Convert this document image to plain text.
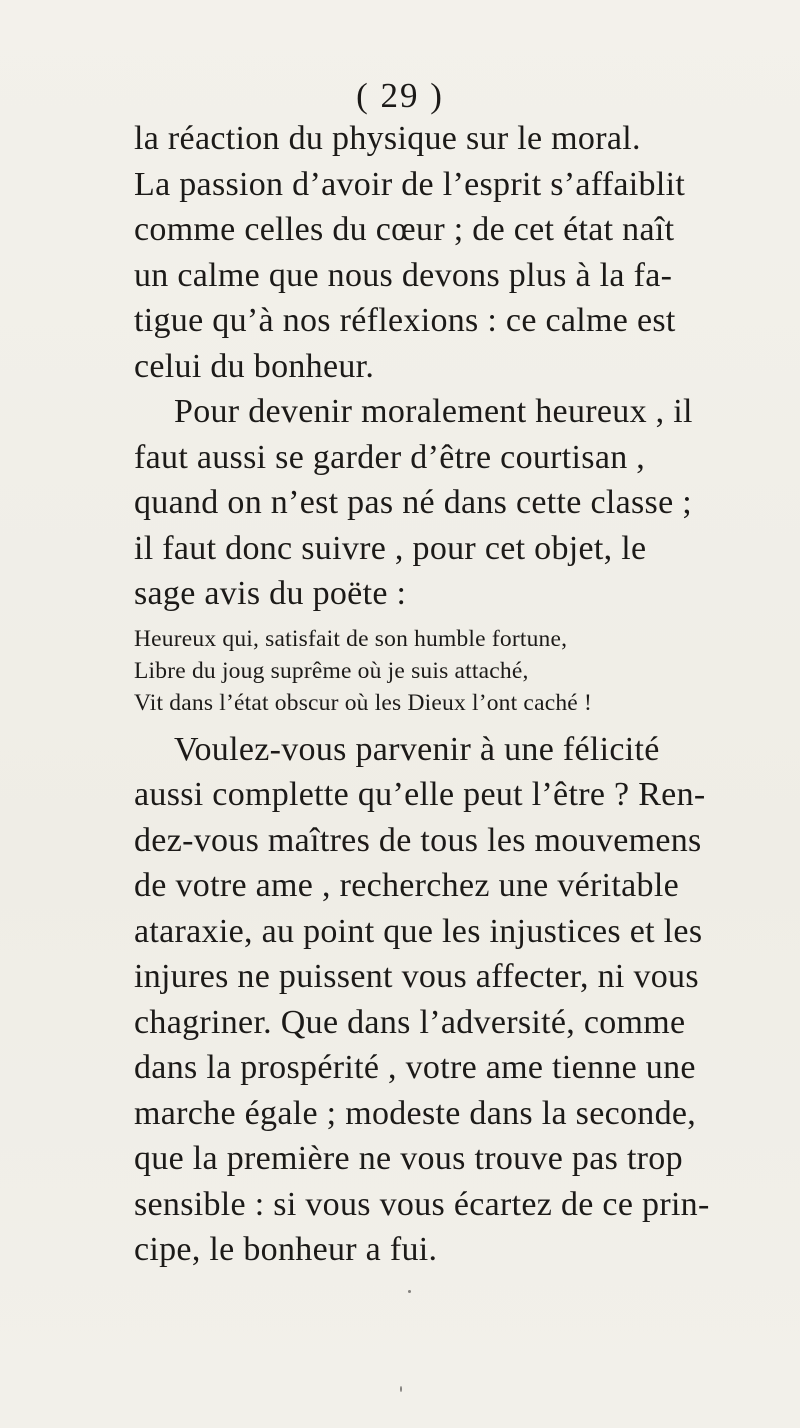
( 29 )
la réaction du physique sur le moral.
La passion d’avoir de l’esprit s’affaiblit
comme celles du cœur ; de cet état naît
un calme que nous devons plus à la fa-
tigue qu’à nos réflexions : ce calme est
celui du bonheur.
Pour devenir moralement heureux , il
faut aussi se garder d’être courtisan ,
quand on n’est pas né dans cette classe ;
il faut donc suivre , pour cet objet, le
sage avis du poëte :
Heureux qui, satisfait de son humble fortune,
Libre du joug suprême où je suis attaché,
Vit dans l’état obscur où les Dieux l’ont caché !
Voulez-vous parvenir à une félicité
aussi complette qu’elle peut l’être ? Ren-
dez-vous maîtres de tous les mouvemens
de votre ame , recherchez une véritable
ataraxie, au point que les injustices et les
injures ne puissent vous affecter, ni vous
chagriner. Que dans l’adversité, comme
dans la prospérité , votre ame tienne une
marche égale ; modeste dans la seconde,
que la première ne vous trouve pas trop
sensible : si vous vous écartez de ce prin-
cipe, le bonheur a fui.
